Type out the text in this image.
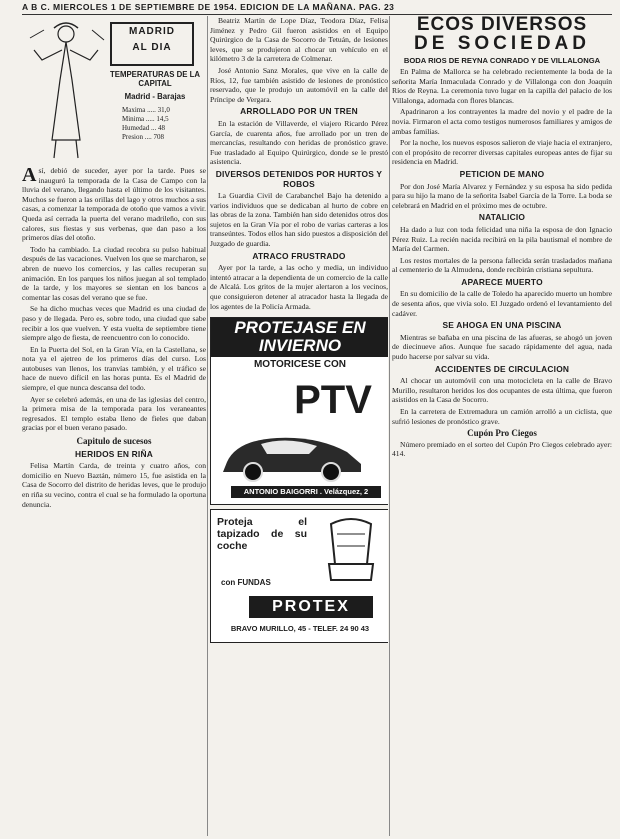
A B C. MIERCOLES 1 DE SEPTIEMBRE DE 1954. EDICION DE LA MAÑANA. PAG. 23
MADRID
AL DIA
TEMPERATURAS DE LA CAPITAL
Madrid - Barajas
Maxima ..... 31,0
Minima ..... 14,5
Humedad ... 48
Presion .... 708

Así, debió de suceder, ayer por la tarde. Pues se inauguró la temporada de la Casa de Campo con la lluvia del verano, llegando hasta el último de los visitantes. Muchos se fueron a las orillas del lago y otros muchos a sus casas, a comenzar la temporada de otoño que vamos a vivir. Queda así cerrada la puerta del verano madrileño, con sus calores, sus fiestas y sus verbenas, que dan paso a los primeros días del otoño.

Todo ha cambiado. La ciudad recobra su pulso habitual después de las vacaciones. Vuelven los que se marcharon, se abren de nuevo los comercios, y las calles recuperan su animación. En los parques los niños juegan al sol templado de la tarde, y los mayores se sientan en los bancos a comentar las cosas del verano que se fue.

Se ha dicho muchas veces que Madrid es una ciudad de paso y de llegada. Pero es, sobre todo, una ciudad que sabe recibir a los que vuelven. Y esta vuelta de septiembre tiene siempre algo de fiesta, de reencuentro con lo conocido.

En la Puerta del Sol, en la Gran Vía, en la Castellana, se nota ya el ajetreo de los primeros días del curso. Los autobuses van llenos, los tranvías también, y el tráfico se hace de nuevo difícil en las horas punta. Es el Madrid de siempre, el que nunca descansa del todo.

Ayer se celebró además, en una de las iglesias del centro, la primera misa de la temporada para los veraneantes regresados. El templo estaba lleno de fieles que daban gracias por el buen verano pasado.

Capitulo de sucesos
HERIDOS EN RIÑA

Felisa Martín Carda, de treinta y cuatro años, con domicilio en Nuevo Baztán, número 15, fue asistida en la Casa de Socorro del distrito de heridas leves, que le produjo en riña su vecino, contra el cual se ha formulado la oportuna denuncia.

Beatriz Martín de Lope Díaz, Teodora Díaz, Felisa Jiménez y Pedro Gil fueron asistidos en el Equipo Quirúrgico de la Casa de Socorro de Tetuán, de lesiones leves, que se produjeron al chocar un vehículo en el kilómetro 3 de la carretera de Colmenar.

José Antonio Sanz Morales, que vive en la calle de Ríos, 12, fue también asistido de lesiones de pronóstico reservado, que le produjo un automóvil en la calle del Príncipe de Vergara.

ARROLLADO POR UN TREN

En la estación de Villaverde, el viajero Ricardo Pérez García, de cuarenta años, fue arrollado por un tren de mercancías, resultando con heridas de pronóstico grave. Fue trasladado al Equipo Quirúrgico, donde se le prestó asistencia.

DIVERSOS DETENIDOS POR HURTOS Y ROBOS

La Guardia Civil de Carabanchel Bajo ha detenido a varios individuos que se dedicaban al hurto de cobre en las obras de la zona. También han sido detenidos otros dos sujetos en la Gran Vía por el robo de varias carteras a los transeúntes. Todos ellos han sido puestos a disposición del Juzgado de guardia.

ATRACO FRUSTRADO

Ayer por la tarde, a las ocho y media, un individuo intentó atracar a la dependienta de un comercio de la calle de Alcalá. Los gritos de la mujer alertaron a los vecinos, que consiguieron detener al atracador hasta la llegada de los agentes de la Policía Armada.

PROTEJASE EN
INVIERNO
MOTORICESE CON
PTV
ANTONIO BAIGORRI . Velázquez, 2
Proteja el tapizado de su coche
con FUNDAS
PROTEX
BRAVO MURILLO, 45 - TELEF. 24 90 43
ECOS DIVERSOS
DE SOCIEDAD
BODA RIOS DE REYNA CONRADO Y DE VILLALONGA

En Palma de Mallorca se ha celebrado recientemente la boda de la señorita María Inmaculada Conrado y de Villalonga con don Joaquín Ríos de Reyna. La ceremonia tuvo lugar en la capilla del palacio de los Villalonga, adornada con flores blancas.

Apadrinaron a los contrayentes la madre del novio y el padre de la novia. Firmaron el acta como testigos numerosos familiares y amigos de ambas familias.

Por la noche, los nuevos esposos salieron de viaje hacia el extranjero, con el propósito de recorrer diversas capitales europeas antes de fijar su residencia en Madrid.

PETICION DE MANO

Por don José María Alvarez y Fernández y su esposa ha sido pedida para su hijo la mano de la señorita Isabel García de la Torre. La boda se celebrará en Madrid en el próximo mes de octubre.

NATALICIO

Ha dado a luz con toda felicidad una niña la esposa de don Ignacio Pérez Ruiz. La recién nacida recibirá en la pila bautismal el nombre de María del Carmen.

Los restos mortales de la persona fallecida serán trasladados mañana al cementerio de la Almudena, donde recibirán cristiana sepultura.

APARECE MUERTO

En su domicilio de la calle de Toledo ha aparecido muerto un hombre de sesenta años, que vivía solo. El Juzgado ordenó el levantamiento del cadáver.

SE AHOGA EN UNA PISCINA

Mientras se bañaba en una piscina de las afueras, se ahogó un joven de diecinueve años. Aunque fue sacado rápidamente del agua, nada pudo hacerse por salvar su vida.

ACCIDENTES DE CIRCULACION

Al chocar un automóvil con una motocicleta en la calle de Bravo Murillo, resultaron heridos los dos ocupantes de esta última, que fueron asistidos en la Casa de Socorro.

En la carretera de Extremadura un camión arrolló a un ciclista, que sufrió lesiones de pronóstico grave.

Cupón Pro Ciegos

Número premiado en el sorteo del Cupón Pro Ciegos celebrado ayer: 414.
